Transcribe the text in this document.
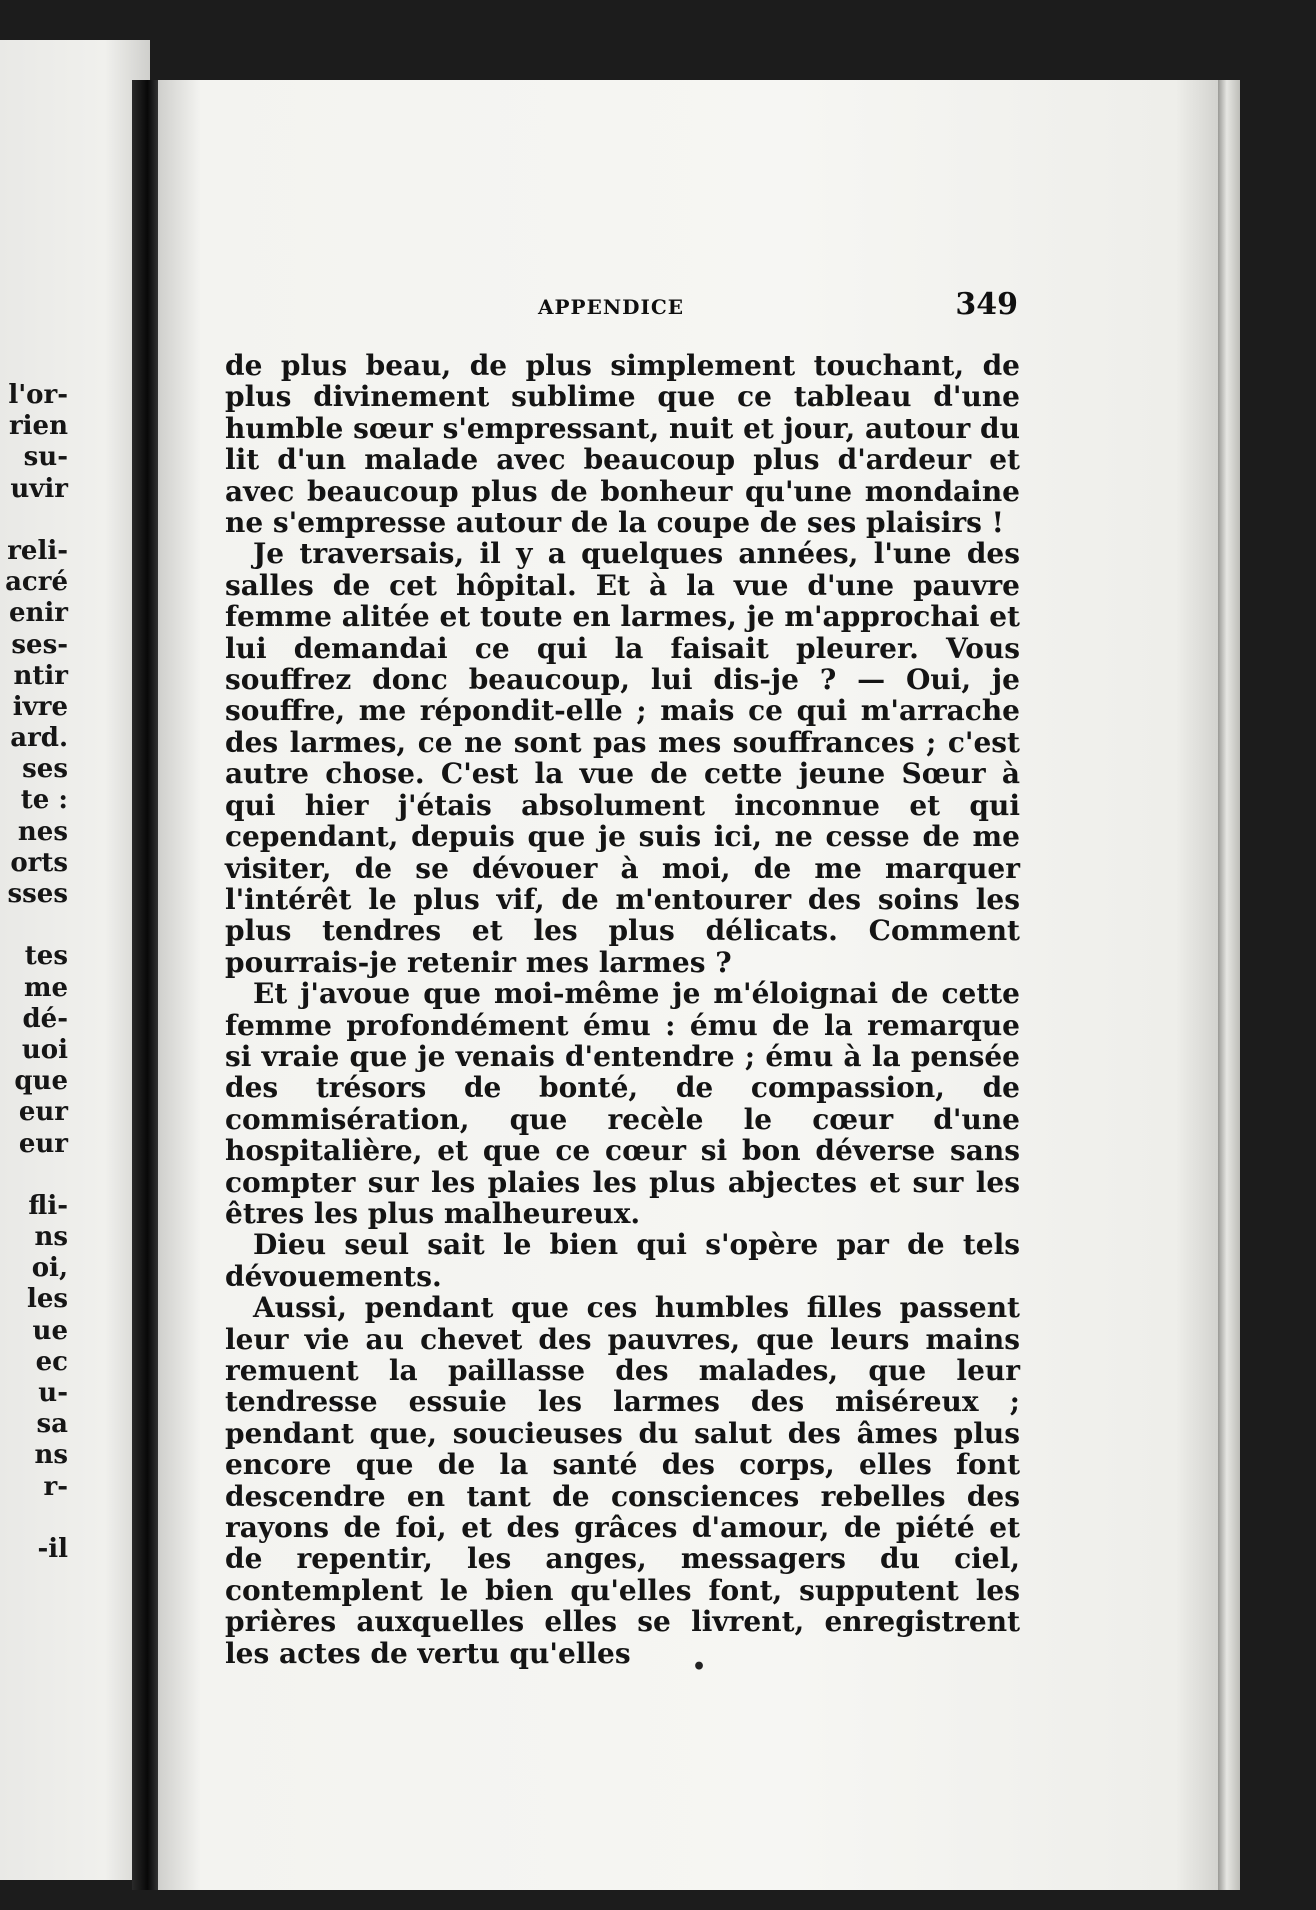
l'or-
rien
su-
uvir
reli-
acré
enir
ses-
ntir
ivre
ard.
ses
te :
nes
orts
sses
tes
me
dé-
uoi
que
eur
eur
fli-
ns
oi,
les
ue
ec
u-
sa
ns
r-
-il
APPENDICE	349

de plus beau, de plus simplement touchant, de plus divinement sublime que ce tableau d'une humble sœur s'empressant, nuit et jour, autour du lit d'un malade avec beaucoup plus d'ardeur et avec beaucoup plus de bonheur qu'une mondaine ne s'empresse autour de la coupe de ses plaisirs !

Je traversais, il y a quelques années, l'une des salles de cet hôpital. Et à la vue d'une pauvre femme alitée et toute en larmes, je m'approchai et lui demandai ce qui la faisait pleurer. Vous souffrez donc beaucoup, lui dis-je ? — Oui, je souffre, me répondit-elle ; mais ce qui m'arrache des larmes, ce ne sont pas mes souffrances ; c'est autre chose. C'est la vue de cette jeune Sœur à qui hier j'étais absolument inconnue et qui cependant, depuis que je suis ici, ne cesse de me visiter, de se dévouer à moi, de me marquer l'intérêt le plus vif, de m'entourer des soins les plus tendres et les plus délicats. Comment pourrais-je retenir mes larmes ?

Et j'avoue que moi-même je m'éloignai de cette femme profondément ému : ému de la remarque si vraie que je venais d'entendre ; ému à la pensée des trésors de bonté, de compassion, de commisération, que recèle le cœur d'une hospitalière, et que ce cœur si bon déverse sans compter sur les plaies les plus abjectes et sur les êtres les plus malheureux.

Dieu seul sait le bien qui s'opère par de tels dévouements.

Aussi, pendant que ces humbles filles passent leur vie au chevet des pauvres, que leurs mains remuent la paillasse des malades, que leur tendresse essuie les larmes des miséreux ; pendant que, soucieuses du salut des âmes plus encore que de la santé des corps, elles font descendre en tant de consciences rebelles des rayons de foi, et des grâces d'amour, de piété et de repentir, les anges, messagers du ciel, contemplent le bien qu'elles font, supputent les prières auxquelles elles se livrent, enregistrent les actes de vertu qu'elles	•
